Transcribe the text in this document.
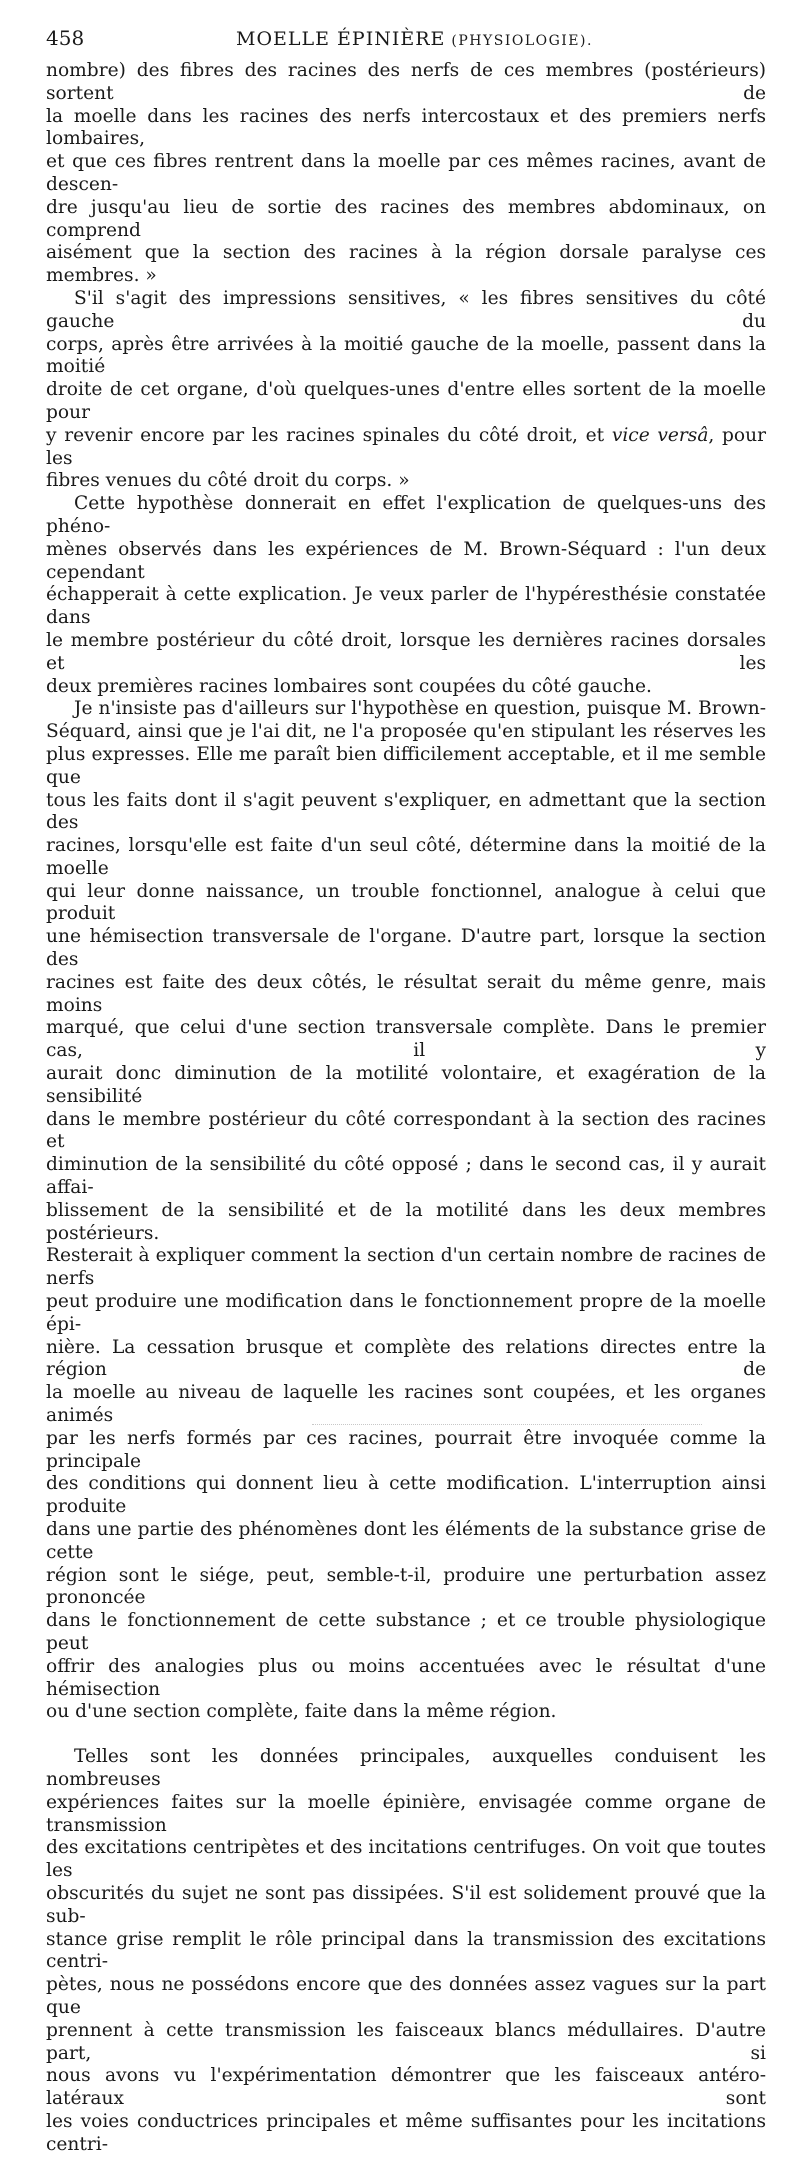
458	MOELLE ÉPINIÈRE (PHYSIOLOGIE).

nombre) des fibres des racines des nerfs de ces membres (postérieurs) sortent de

la moelle dans les racines des nerfs intercostaux et des premiers nerfs lombaires,

et que ces fibres rentrent dans la moelle par ces mêmes racines, avant de descen-

dre jusqu'au lieu de sortie des racines des membres abdominaux, on comprend

aisément que la section des racines à la région dorsale paralyse ces membres. »

S'il s'agit des impressions sensitives, « les fibres sensitives du côté gauche du

corps, après être arrivées à la moitié gauche de la moelle, passent dans la moitié

droite de cet organe, d'où quelques-unes d'entre elles sortent de la moelle pour

y revenir encore par les racines spinales du côté droit, et vice versâ, pour les

fibres venues du côté droit du corps. »

Cette hypothèse donnerait en effet l'explication de quelques-uns des phéno-

mènes observés dans les expériences de M. Brown-Séquard : l'un deux cependant

échapperait à cette explication. Je veux parler de l'hypéresthésie constatée dans

le membre postérieur du côté droit, lorsque les dernières racines dorsales et les

deux premières racines lombaires sont coupées du côté gauche.

Je n'insiste pas d'ailleurs sur l'hypothèse en question, puisque M. Brown-

Séquard, ainsi que je l'ai dit, ne l'a proposée qu'en stipulant les réserves les

plus expresses. Elle me paraît bien difficilement acceptable, et il me semble que

tous les faits dont il s'agit peuvent s'expliquer, en admettant que la section des

racines, lorsqu'elle est faite d'un seul côté, détermine dans la moitié de la moelle

qui leur donne naissance, un trouble fonctionnel, analogue à celui que produit

une hémisection transversale de l'organe. D'autre part, lorsque la section des

racines est faite des deux côtés, le résultat serait du même genre, mais moins

marqué, que celui d'une section transversale complète. Dans le premier cas, il y

aurait donc diminution de la motilité volontaire, et exagération de la sensibilité

dans le membre postérieur du côté correspondant à la section des racines et

diminution de la sensibilité du côté opposé ; dans le second cas, il y aurait affai-

blissement de la sensibilité et de la motilité dans les deux membres postérieurs.

Resterait à expliquer comment la section d'un certain nombre de racines de nerfs

peut produire une modification dans le fonctionnement propre de la moelle épi-

nière. La cessation brusque et complète des relations directes entre la région de

la moelle au niveau de laquelle les racines sont coupées, et les organes animés

par les nerfs formés par ces racines, pourrait être invoquée comme la principale

des conditions qui donnent lieu à cette modification. L'interruption ainsi produite

dans une partie des phénomènes dont les éléments de la substance grise de cette

région sont le siége, peut, semble-t-il, produire une perturbation assez prononcée

dans le fonctionnement de cette substance ; et ce trouble physiologique peut

offrir des analogies plus ou moins accentuées avec le résultat d'une hémisection

ou d'une section complète, faite dans la même région.

Telles sont les données principales, auxquelles conduisent les nombreuses

expériences faites sur la moelle épinière, envisagée comme organe de transmission

des excitations centripètes et des incitations centrifuges. On voit que toutes les

obscurités du sujet ne sont pas dissipées. S'il est solidement prouvé que la sub-

stance grise remplit le rôle principal dans la transmission des excitations centri-

pètes, nous ne possédons encore que des données assez vagues sur la part que

prennent à cette transmission les faisceaux blancs médullaires. D'autre part, si

nous avons vu l'expérimentation démontrer que les faisceaux antéro-latéraux sont

les voies conductrices principales et même suffisantes pour les incitations centri-
